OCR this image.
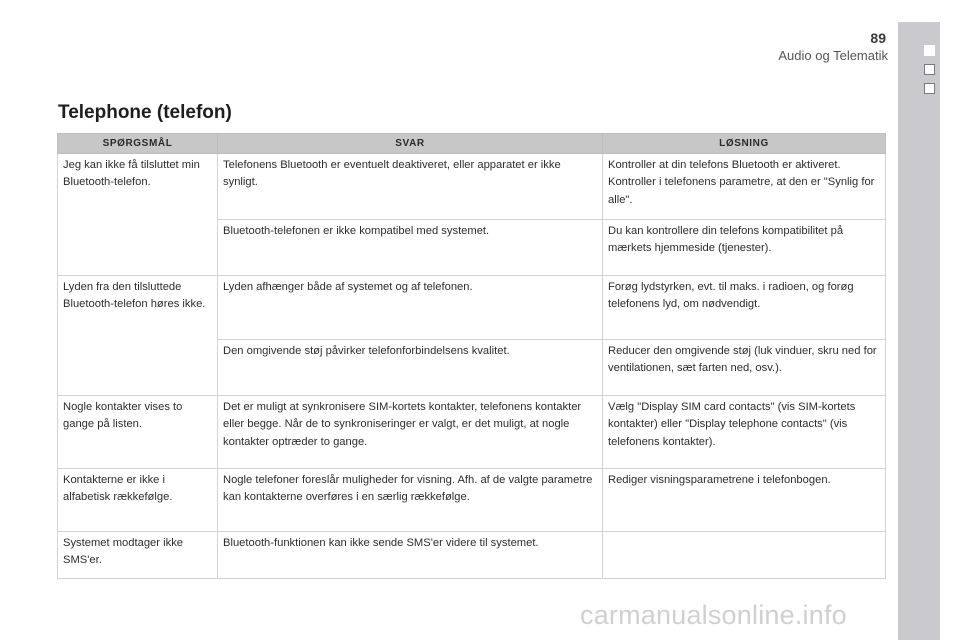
89
Audio og Telematik
Telephone (telefon)
SPØRGSMÅL	SVAR	LØSNING
Jeg kan ikke få tilsluttet min Bluetooth-telefon.	Telefonens Bluetooth er eventuelt deaktiveret, eller apparatet er ikke synligt.	Kontroller at din telefons Bluetooth er aktiveret. Kontroller i telefonens parametre, at den er "Synlig for alle".
	Bluetooth-telefonen er ikke kompatibel med systemet.	Du kan kontrollere din telefons kompatibilitet på mærkets hjemmeside (tjenester).
Lyden fra den tilsluttede Bluetooth-telefon høres ikke.	Lyden afhænger både af systemet og af telefonen.	Forøg lydstyrken, evt. til maks. i radioen, og forøg telefonens lyd, om nødvendigt.
	Den omgivende støj påvirker telefonforbindelsens kvalitet.	Reducer den omgivende støj (luk vinduer, skru ned for ventilationen, sæt farten ned, osv.).
Nogle kontakter vises to gange på listen.	Det er muligt at synkronisere SIM-kortets kontakter, telefonens kontakter eller begge. Når de to synkroniseringer er valgt, er det muligt, at nogle kontakter optræder to gange.	Vælg "Display SIM card contacts" (vis SIM-kortets kontakter) eller "Display telephone contacts" (vis telefonens kontakter).
Kontakterne er ikke i alfabetisk rækkefølge.	Nogle telefoner foreslår muligheder for visning. Afh. af de valgte parametre kan kontakterne overføres i en særlig rækkefølge.	Rediger visningsparametrene i telefonbogen.
Systemet modtager ikke SMS'er.	Bluetooth-funktionen kan ikke sende SMS'er videre til systemet.	
carmanualsonline.info
